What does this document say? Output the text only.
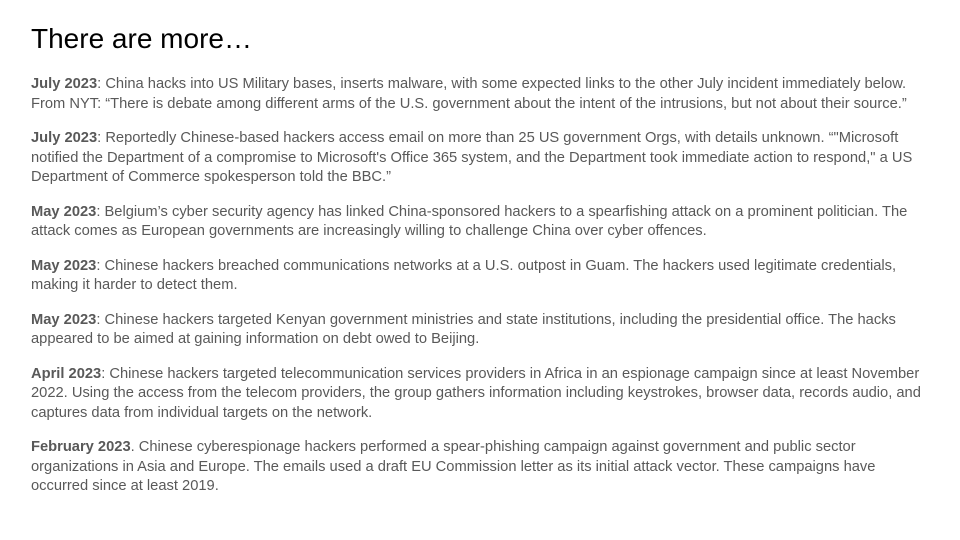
There are more…
July 2023: China hacks into US Military bases, inserts malware, with some expected links to the other July incident immediately below. From NYT: “There is debate among different arms of the U.S. government about the intent of the intrusions, but not about their source.”
July 2023: Reportedly Chinese-based hackers access email on more than 25 US government Orgs, with details unknown. “"Microsoft notified the Department of a compromise to Microsoft's Office 365 system, and the Department took immediate action to respond," a US Department of Commerce spokesperson told the BBC.”
May 2023: Belgium’s cyber security agency has linked China-sponsored hackers to a spearfishing attack on a prominent politician. The attack comes as European governments are increasingly willing to challenge China over cyber offences.
May 2023: Chinese hackers breached communications networks at a U.S. outpost in Guam. The hackers used legitimate credentials, making it harder to detect them.
May 2023: Chinese hackers targeted Kenyan government ministries and state institutions, including the presidential office. The hacks appeared to be aimed at gaining information on debt owed to Beijing.
April 2023: Chinese hackers targeted telecommunication services providers in Africa in an espionage campaign since at least November 2022. Using the access from the telecom providers, the group gathers information including keystrokes, browser data, records audio, and captures data from individual targets on the network.
February 2023. Chinese cyberespionage hackers performed a spear-phishing campaign against government and public sector organizations in Asia and Europe. The emails used a draft EU Commission letter as its initial attack vector. These campaigns have occurred since at least 2019.
